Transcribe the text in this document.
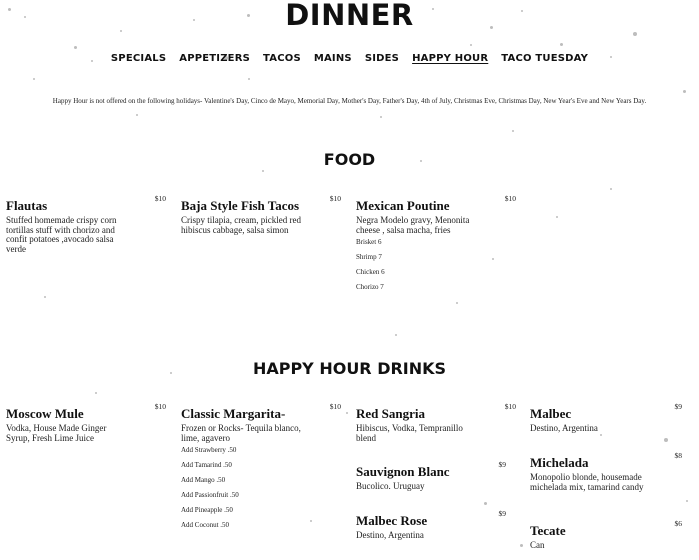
DINNER
SPECIALS APPETIZERS TACOS MAINS SIDES HAPPY HOUR TACO TUESDAY

Happy Hour is not offered on the following holidays- Valentine's Day, Cinco de Mayo, Memorial Day, Mother's Day, Father's Day, 4th of July, Christmas Eve, Christmas Day, New Year's Eve and New Years Day.

FOOD
Flautas	$10
Stuffed homemade crispy corn tortillas stuff with chorizo and confit potatoes ,avocado salsa verde
Baja Style Fish Tacos	$10
Crispy tilapia, cream, pickled red hibiscus cabbage, salsa simon
Mexican Poutine	$10
Negra Modelo gravy, Menonita cheese , salsa macha, fries
Brisket 6
Shrimp 7
Chicken 6
Chorizo 7
HAPPY HOUR DRINKS
Moscow Mule	$10
Vodka, House Made Ginger Syrup, Fresh Lime Juice
Classic Margarita-	$10
Frozen or Rocks- Tequila blanco, lime, agavero
Add Strawberry .50
Add Tamarind .50
Add Mango .50
Add Passionfruit .50
Add Pineapple .50
Add Coconut .50
Red Sangria	$10
Hibiscus, Vodka, Tempranillo blend
Sauvignon Blanc	$9
Bucolico. Uruguay
Malbec Rose	$9
Destino, Argentina
Malbec	$9
Destino, Argentina
Michelada	$8
Monopolio blonde, housemade michelada mix, tamarind candy
Tecate	$6
Can
